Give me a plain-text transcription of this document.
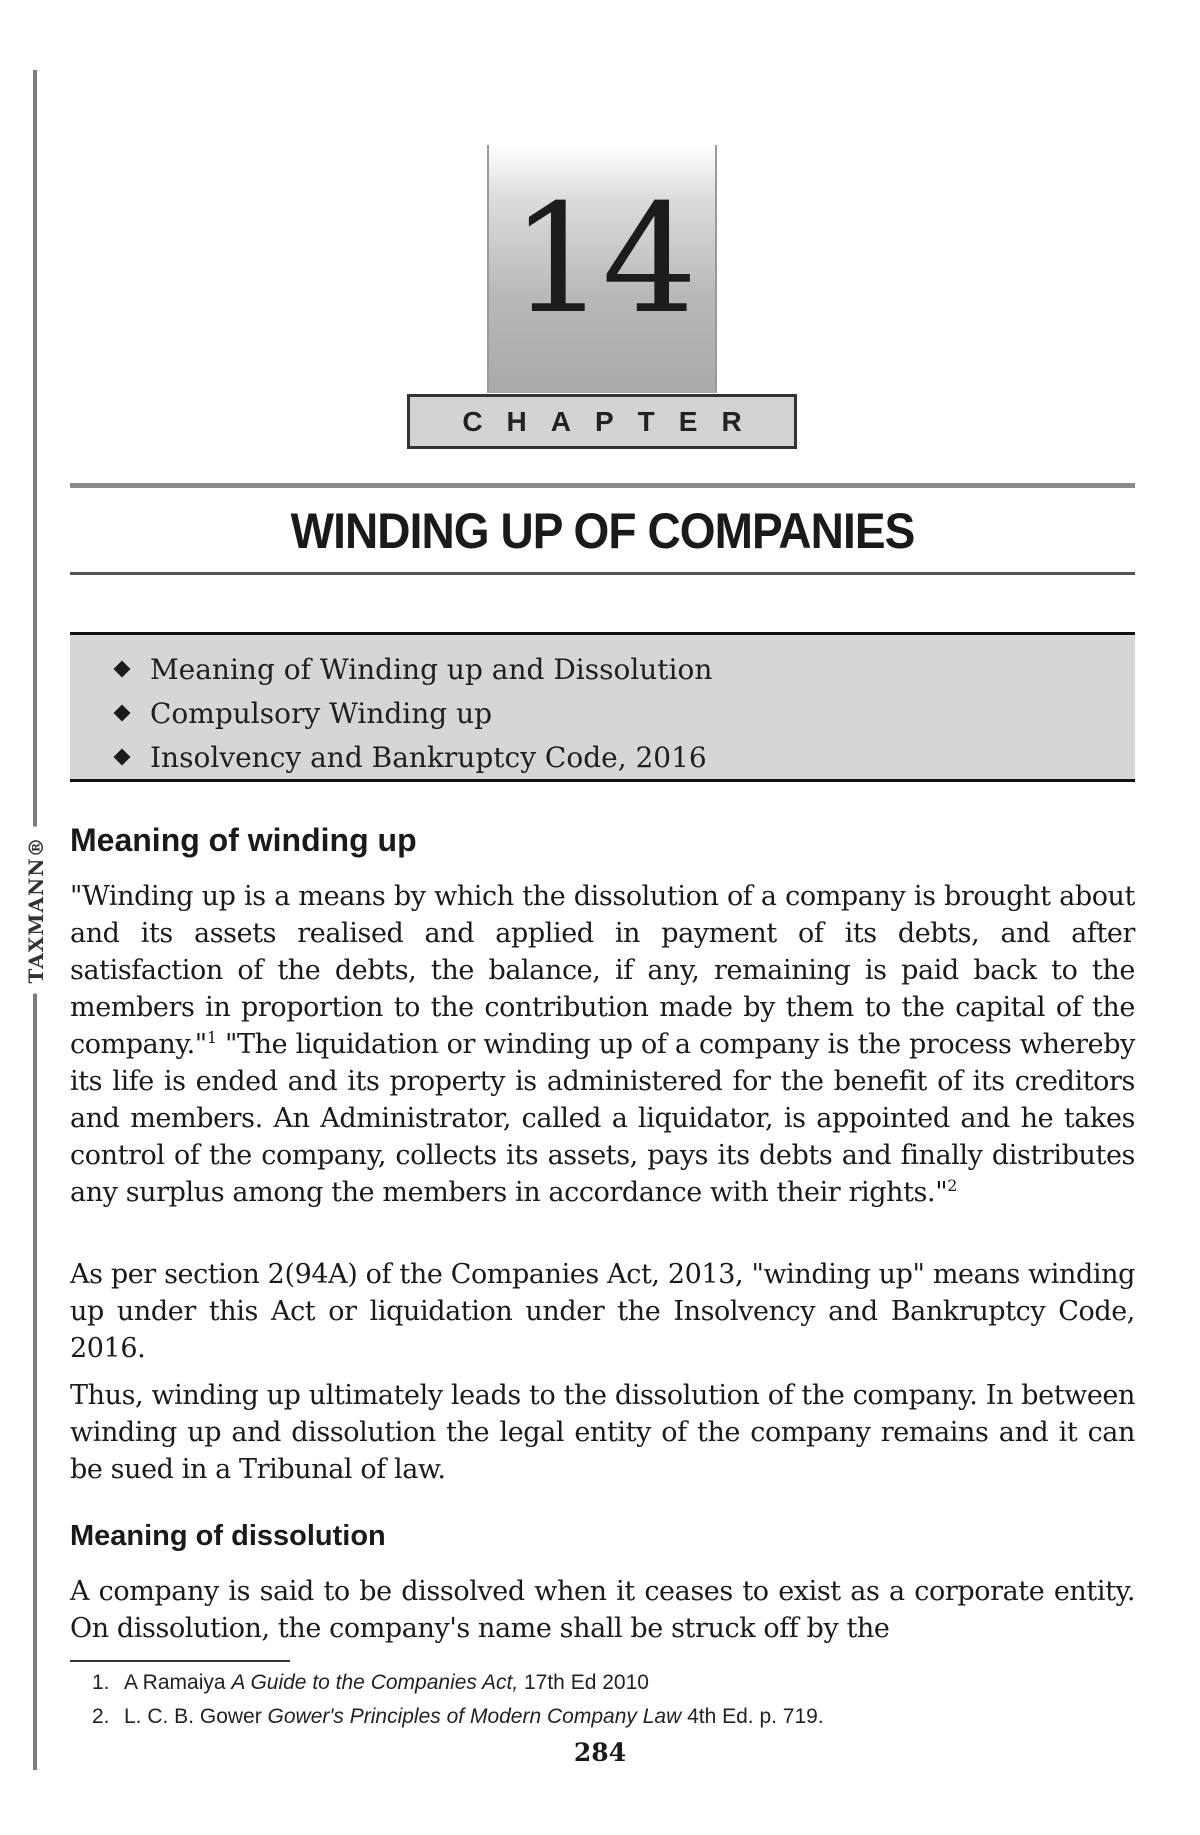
TAXMANN®
14
CHAPTER
WINDING UP OF COMPANIES
Meaning of Winding up and Dissolution
Compulsory Winding up
Insolvency and Bankruptcy Code, 2016
Meaning of winding up

"Winding up is a means by which the dissolution of a company is brought about and its assets realised and applied in payment of its debts, and after satisfaction of the debts, the balance, if any, remaining is paid back to the members in proportion to the contribution made by them to the capital of the company."$^1$ "The liquidation or winding up of a company is the process whereby its life is ended and its property is administered for the benefit of its creditors and members. An Administrator, called a liquidator, is appointed and he takes control of the company, collects its assets, pays its debts and finally distributes any surplus among the members in accordance with their rights."$^2$

As per section 2(94A) of the Companies Act, 2013, "winding up" means winding up under this Act or liquidation under the Insolvency and Bankruptcy Code, 2016.

Thus, winding up ultimately leads to the dissolution of the company. In between winding up and dissolution the legal entity of the company remains and it can be sued in a Tribunal of law.

Meaning of dissolution

A company is said to be dissolved when it ceases to exist as a corporate entity. On dissolution, the company's name shall be struck off by the

1. A Ramaiya A Guide to the Companies Act, 17th Ed 2010
2. L. C. B. Gower Gower's Principles of Modern Company Law 4th Ed. p. 719.
284
